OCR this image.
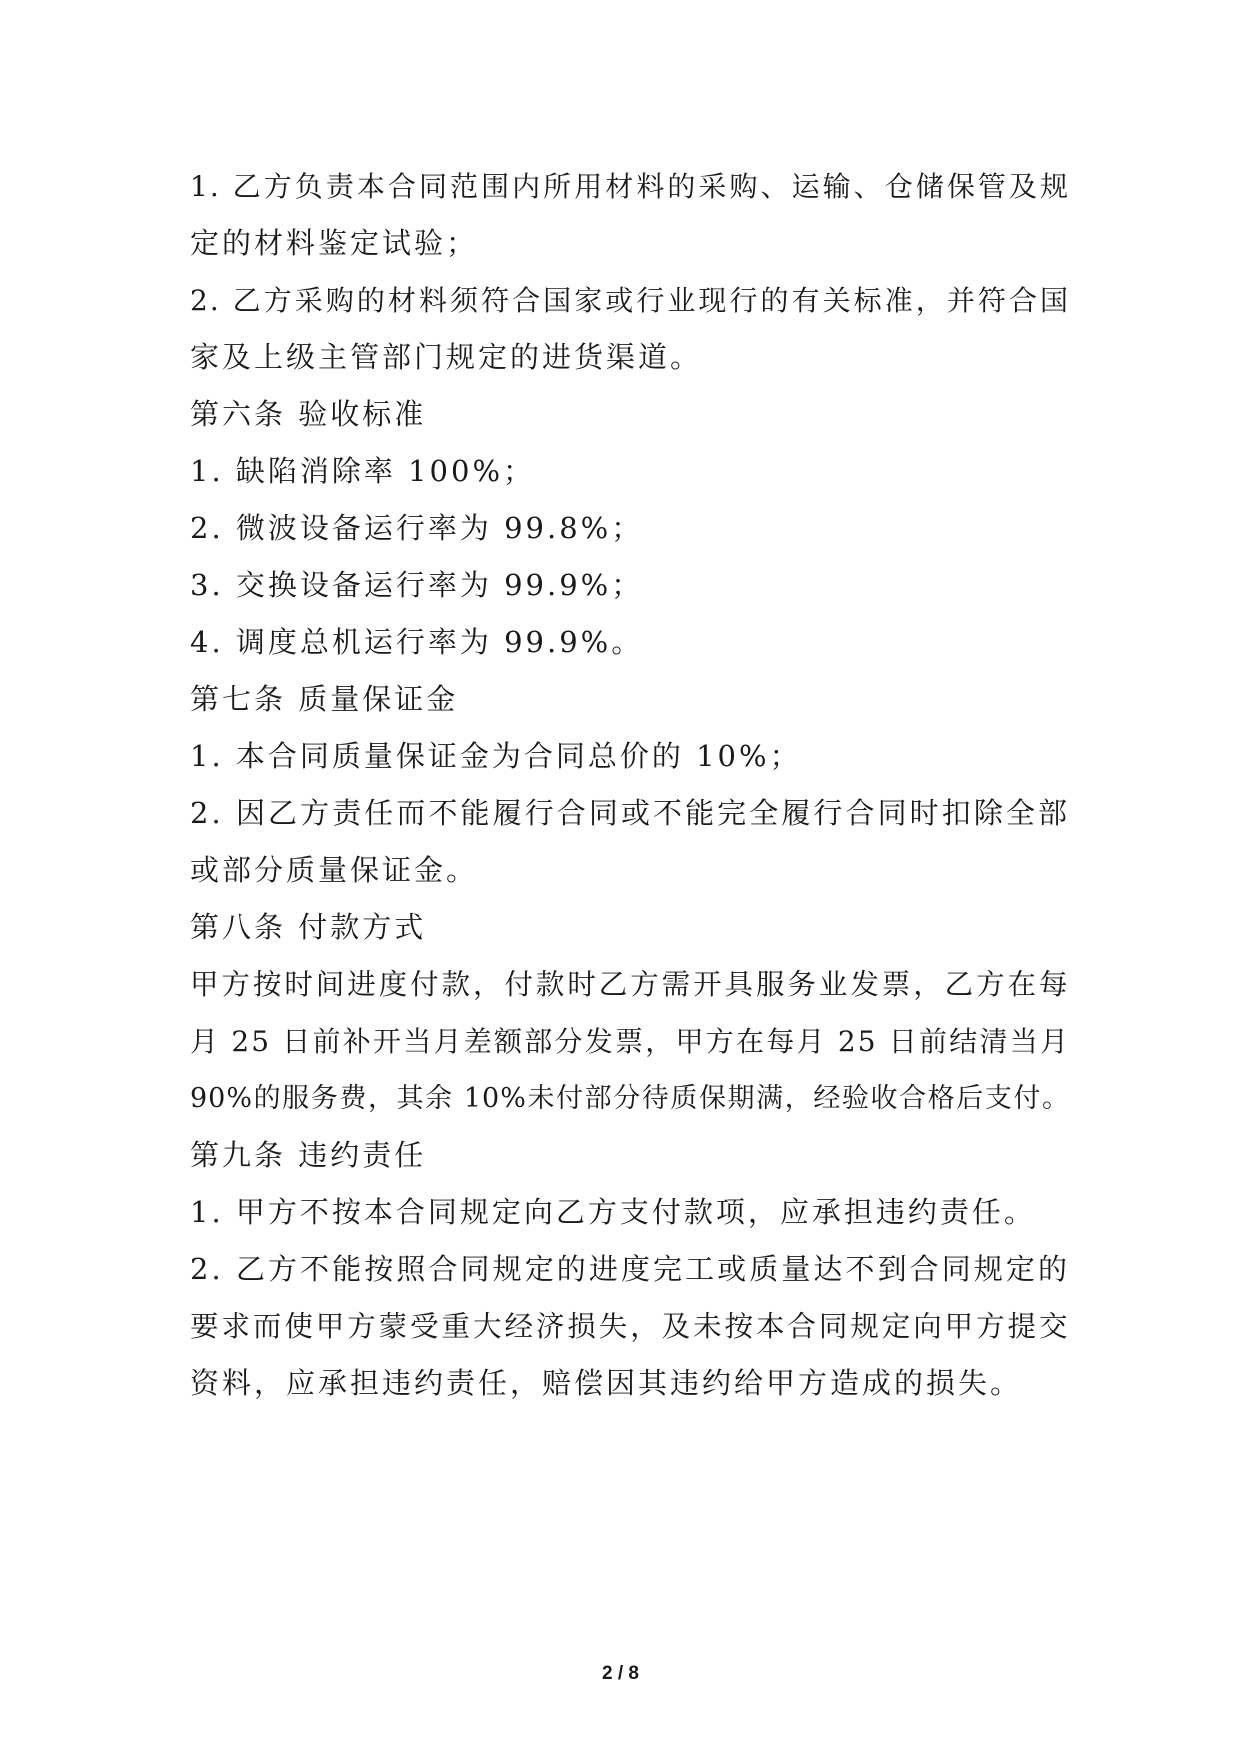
1. 乙方负责本合同范围内所用材料的采购、运输、仓储保管及规
定的材料鉴定试验；
2. 乙方采购的材料须符合国家或行业现行的有关标准，并符合国
家及上级主管部门规定的进货渠道。
第六条 验收标准
1. 缺陷消除率 100%；
2. 微波设备运行率为 99.8%；
3. 交换设备运行率为 99.9%；
4. 调度总机运行率为 99.9%。
第七条 质量保证金
1. 本合同质量保证金为合同总价的 10%；
2. 因乙方责任而不能履行合同或不能完全履行合同时扣除全部
或部分质量保证金。
第八条 付款方式
甲方按时间进度付款，付款时乙方需开具服务业发票，乙方在每
月 25 日前补开当月差额部分发票，甲方在每月 25 日前结清当月
90%的服务费，其余 10%未付部分待质保期满，经验收合格后支付。
第九条 违约责任
1. 甲方不按本合同规定向乙方支付款项，应承担违约责任。
2. 乙方不能按照合同规定的进度完工或质量达不到合同规定的
要求而使甲方蒙受重大经济损失，及未按本合同规定向甲方提交
资料，应承担违约责任，赔偿因其违约给甲方造成的损失。
2 / 8
